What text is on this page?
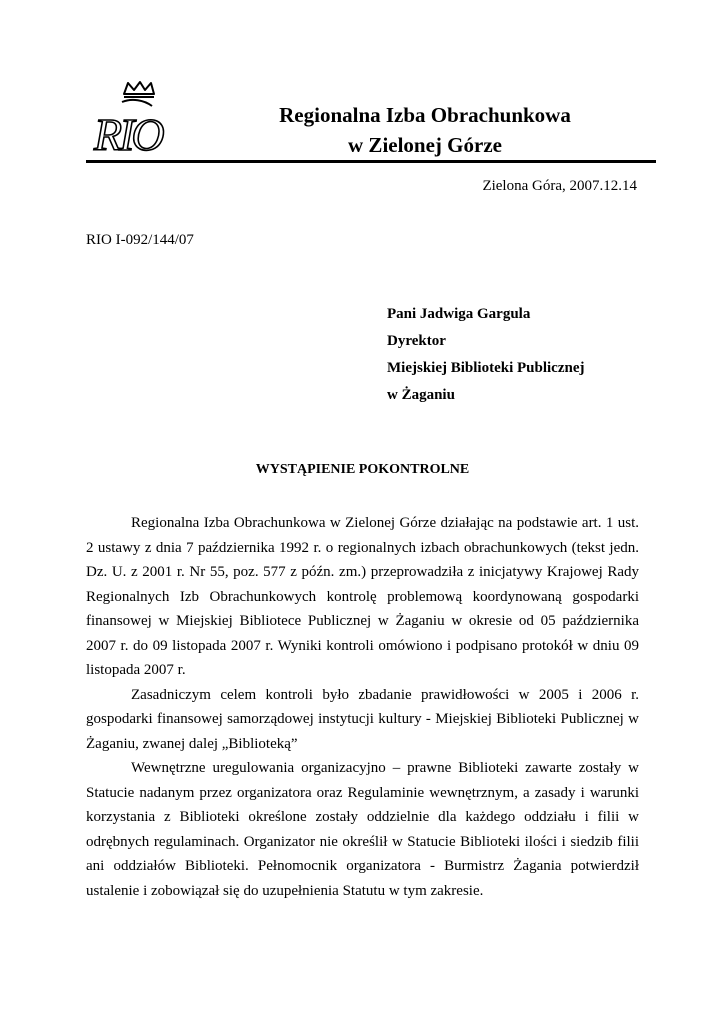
RIO	Regionalna Izba Obrachunkowa
w Zielonej Górze
Zielona Góra, 2007.12.14
RIO I-092/144/07
Pani Jadwiga Gargula
Dyrektor
Miejskiej Biblioteki Publicznej
w Żaganiu
WYSTĄPIENIE POKONTROLNE

Regionalna Izba Obrachunkowa w Zielonej Górze działając na podstawie art. 1 ust. 2 ustawy z dnia 7 października 1992 r. o regionalnych izbach obrachunkowych (tekst jedn. Dz. U. z 2001 r. Nr 55, poz. 577 z późn. zm.) przeprowadziła z inicjatywy Krajowej Rady Regionalnych Izb Obrachunkowych kontrolę problemową koordynowaną gospodarki finansowej w Miejskiej Bibliotece Publicznej w Żaganiu w okresie od 05 października 2007 r. do 09 listopada 2007 r. Wyniki kontroli omówiono i podpisano protokół w dniu 09 listopada 2007 r.

Zasadniczym celem kontroli było zbadanie prawidłowości w 2005 i 2006 r. gospodarki finansowej samorządowej instytucji kultury - Miejskiej Biblioteki Publicznej w Żaganiu, zwanej dalej „Biblioteką”

Wewnętrzne uregulowania organizacyjno – prawne Biblioteki zawarte zostały w Statucie nadanym przez organizatora oraz Regulaminie wewnętrznym, a zasady i warunki korzystania z Biblioteki określone zostały oddzielnie dla każdego oddziału i filii w odrębnych regulaminach. Organizator nie określił w Statucie Biblioteki ilości i siedzib filii ani oddziałów Biblioteki. Pełnomocnik organizatora - Burmistrz Żagania potwierdził ustalenie i zobowiązał się do uzupełnienia Statutu w tym zakresie.
